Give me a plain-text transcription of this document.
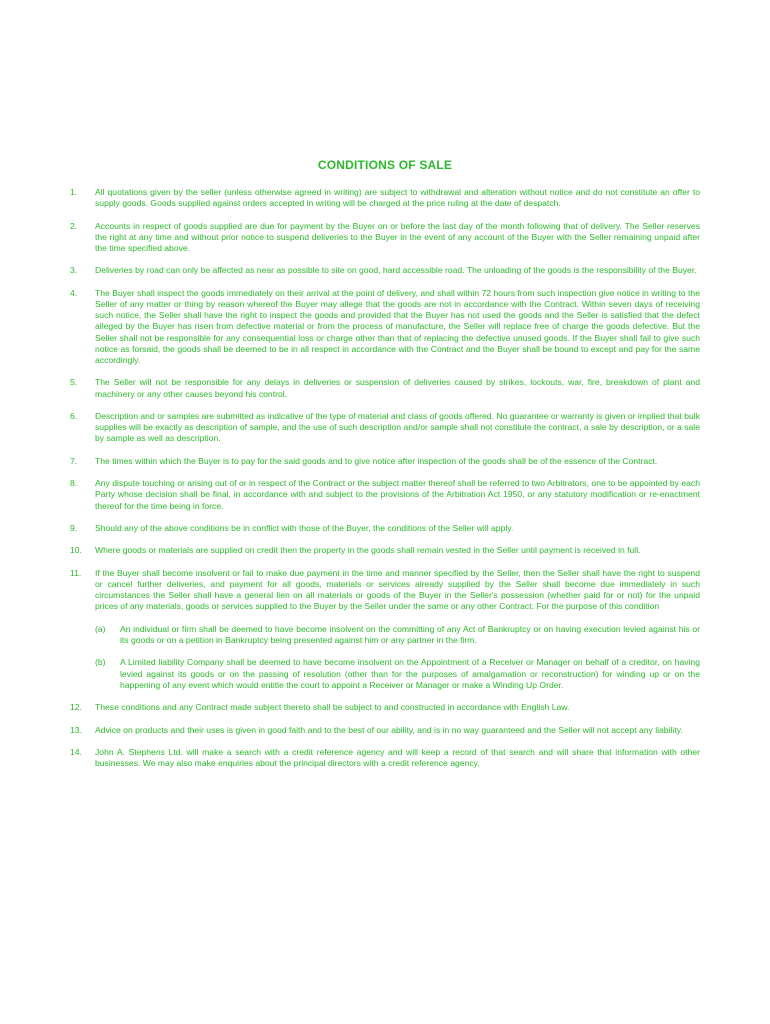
CONDITIONS OF SALE
1.	All quotations given by the seller (unless otherwise agreed in writing) are subject to withdrawal and alteration without notice and do not constitute an offer to supply goods. Goods supplied against orders accepted in writing will be charged at the price ruling at the date of despatch.
2.	Accounts in respect of goods supplied are due for payment by the Buyer on or before the last day of the month following that of delivery. The Seller reserves the right at any time and without prior notice to suspend deliveries to the Buyer in the event of any account of the Buyer with the Seller remaining unpaid after the time specified above.
3.	Deliveries by road can only be affected as near as possible to site on good, hard accessible road. The unloading of the goods is the responsibility of the Buyer.
4.	The Buyer shall inspect the goods immediately on their arrival at the point of delivery, and shall within 72 hours from such inspection give notice in writing to the Seller of any matter or thing by reason whereof the Buyer may allege that the goods are not in accordance with the Contract. Within seven days of receiving such notice, the Seller shall have the right to inspect the goods and provided that the Buyer has not used the goods and the Seller is satisfied that the defect alleged by the Buyer has risen from defective material or from the process of manufacture, the Seller will replace free of charge the goods defective. But the Seller shall not be responsible for any consequential loss or charge other than that of replacing the defective unused goods. If the Buyer shall fail to give such notice as forsaid, the goods shall be deemed to be in all respect in accordance with the Contract and the Buyer shall be bound to except and pay for the same accordingly.
5.	The Seller will not be responsible for any delays in deliveries or suspension of deliveries caused by strikes, lockouts, war, fire, breakdown of plant and machinery or any other causes beyond his control.
6.	Description and or samples are submitted as indicative of the type of material and class of goods offered. No guarantee or warranty is given or implied that bulk supplies will be exactly as description of sample, and the use of such description and/or sample shall not constitute the contract, a sale by description, or a sale by sample as well as description.
7.	The times within which the Buyer is to pay for the said goods and to give notice after inspection of the goods shall be of the essence of the Contract.
8.	Any dispute touching or arising out of or in respect of the Contract or the subject matter thereof shall be referred to two Arbitrators, one to be appointed by each Party whose decision shall be final, in accordance with and subject to the provisions of the Arbitration Act 1950, or any statutory modification or re-enactment thereof for the time being in force.
9.	Should any of the above conditions be in conflict with those of the Buyer, the conditions of the Seller will apply.
10.	Where goods or materials are supplied on credit then the property in the goods shall remain vested in the Seller until payment is received in full.
11.	If the Buyer shall become insolvent or fail to make due payment in the time and manner specified by the Seller, then the Seller shall have the right to suspend or cancel further deliveries, and payment for all goods, materials or services already supplied by the Seller shall become due immediately in such circumstances the Seller shall have a general lien on all materials or goods of the Buyer in the Seller's possession (whether paid for or not) for the unpaid prices of any materials, goods or services supplied to the Buyer by the Seller under the same or any other Contract. For the purpose of this condition
(a)	An individual or firm shall be deemed to have become insolvent on the committing of any Act of Bankruptcy or on having execution levied against his or its goods or on a petition in Bankruptcy being presented against him or any partner in the firm.
(b)	A Limited liability Company shall be deemed to have become insolvent on the Appointment of a Receiver or Manager on behalf of a creditor, on having levied against its goods or on the passing of resolution (other than for the purposes of amalgamation or reconstruction) for winding up or on the happening of any event which would entitle the court to appoint a Receiver or Manager or make a Winding Up Order.
12.	These conditions and any Contract made subject thereto shall be subject to and constructed in accordance with English Law.
13.	Advice on products and their uses is given in good faith and to the best of our ability, and is in no way guaranteed and the Seller will not accept any liability.
14.	John A. Stephens Ltd. will make a search with a credit reference agency and will keep a record of that search and will share that information with other businesses. We may also make enquiries about the principal directors with a credit reference agency.
